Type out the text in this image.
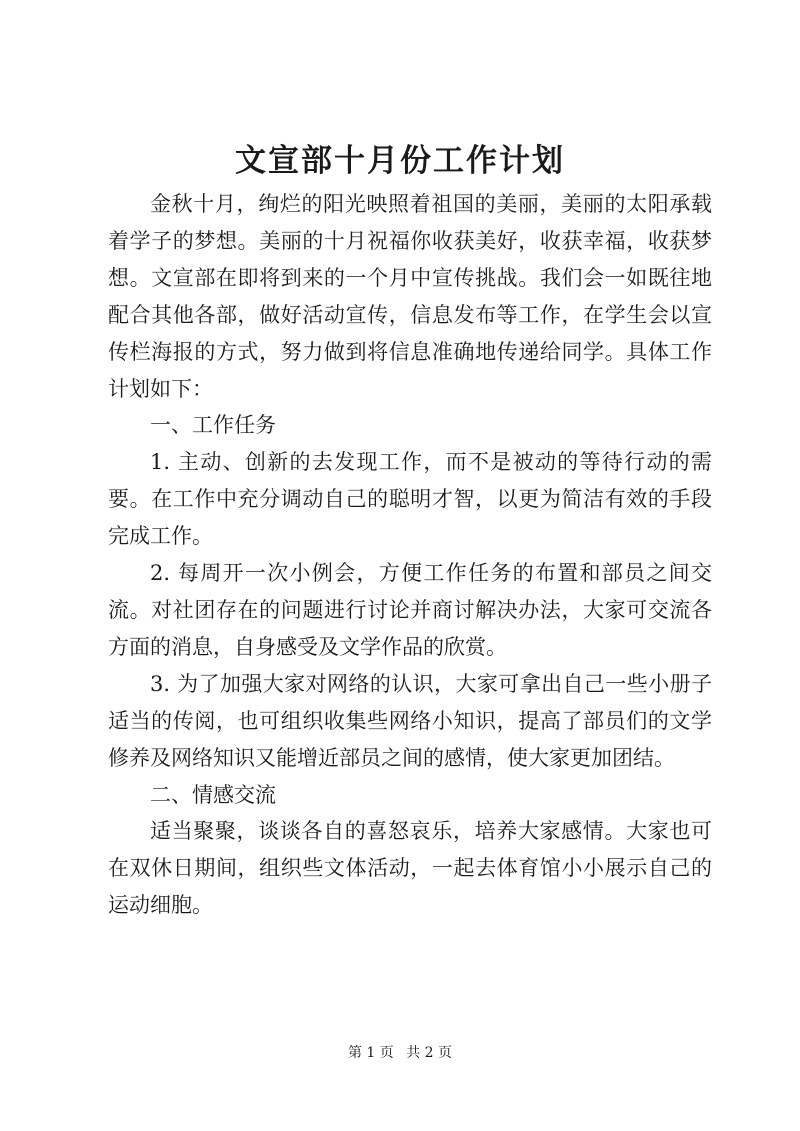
文宣部十月份工作计划

金秋十月，绚烂的阳光映照着祖国的美丽，美丽的太阳承载着学子的梦想。美丽的十月祝福你收获美好，收获幸福，收获梦想。文宣部在即将到来的一个月中宣传挑战。我们会一如既往地配合其他各部，做好活动宣传，信息发布等工作，在学生会以宣传栏海报的方式，努力做到将信息准确地传递给同学。具体工作计划如下：

一、工作任务

1. 主动、创新的去发现工作，而不是被动的等待行动的需要。在工作中充分调动自己的聪明才智，以更为简洁有效的手段完成工作。

2. 每周开一次小例会，方便工作任务的布置和部员之间交流。对社团存在的问题进行讨论并商讨解决办法，大家可交流各方面的消息，自身感受及文学作品的欣赏。

3. 为了加强大家对网络的认识，大家可拿出自己一些小册子适当的传阅，也可组织收集些网络小知识，提高了部员们的文学修养及网络知识又能增近部员之间的感情，使大家更加团结。

二、情感交流

适当聚聚，谈谈各自的喜怒哀乐，培养大家感情。大家也可在双休日期间，组织些文体活动，一起去体育馆小小展示自己的运动细胞。

第 1 页 共 2 页
